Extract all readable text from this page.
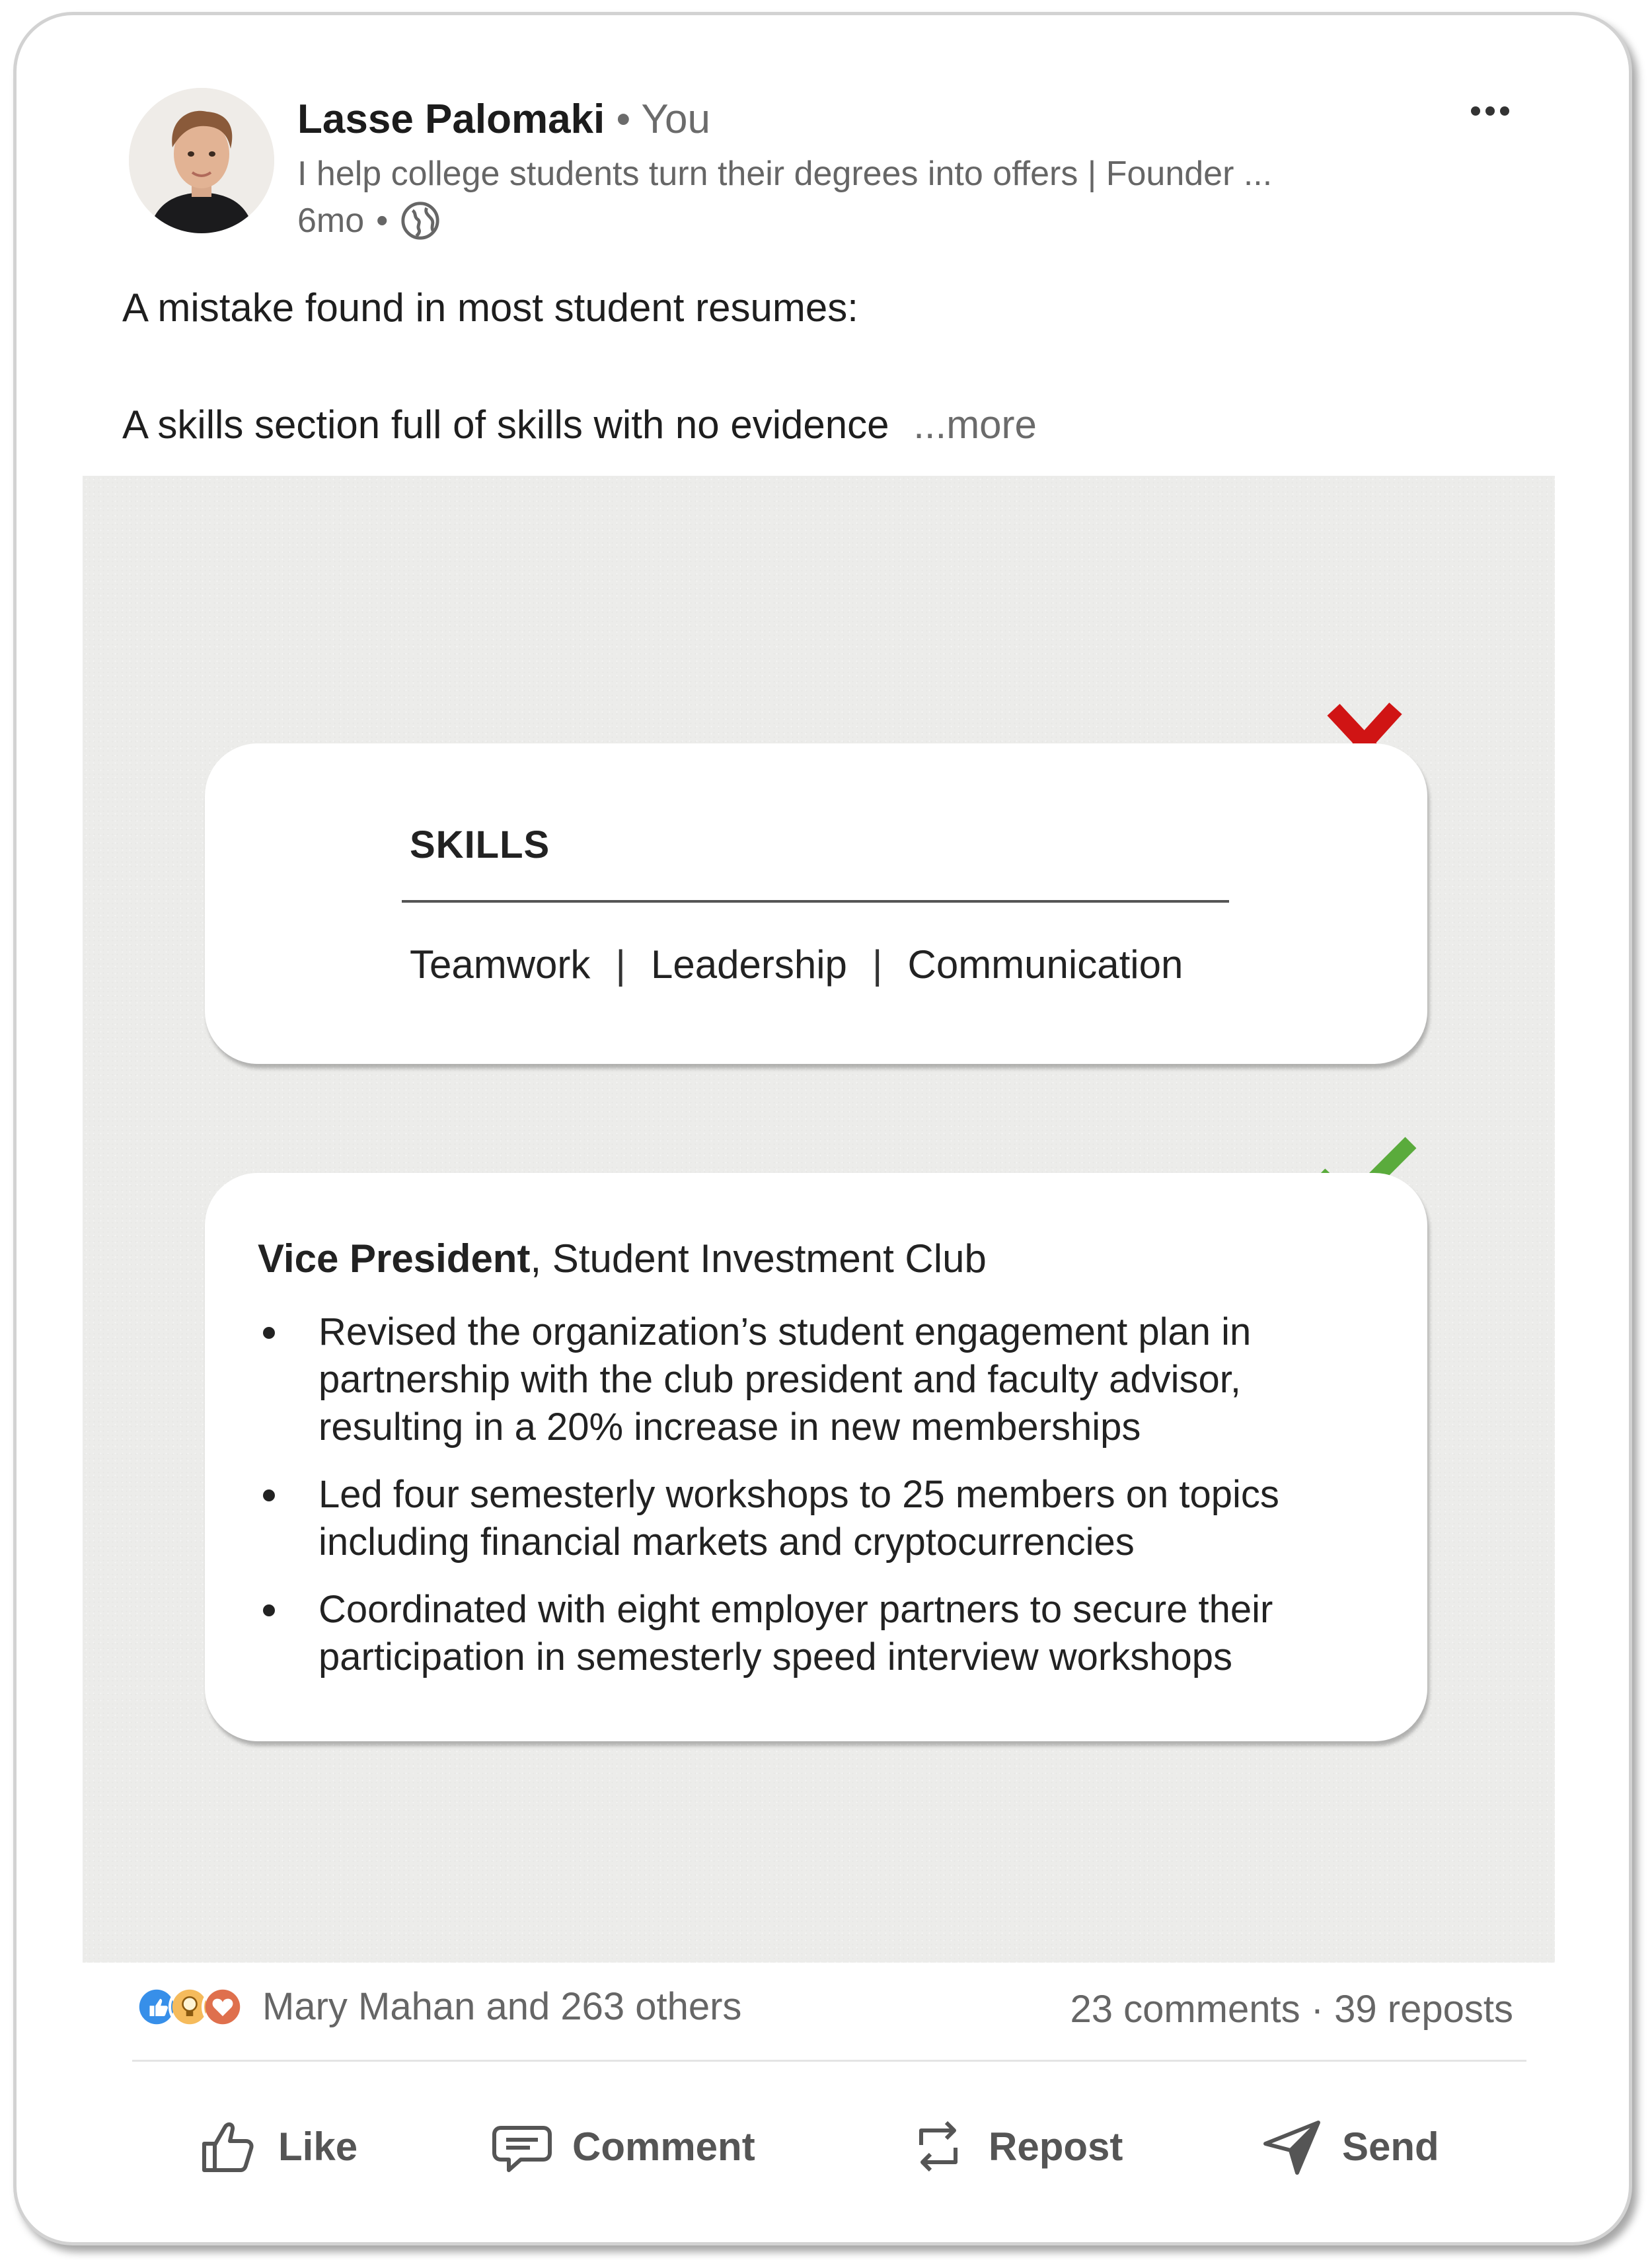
Lasse Palomaki • You
I help college students turn their degrees into offers | Founder ...
6mo •
A mistake found in most student resumes:
A skills section full of skills with no evidence ...more
SKILLS
Teamwork | Leadership | Communication
Vice President, Student Investment Club
Revised the organization’s student engagement plan in partnership with the club president and faculty advisor, resulting in a 20% increase in new memberships
Led four semesterly workshops to 25 members on topics including financial markets and cryptocurrencies
Coordinated with eight employer partners to secure their participation in semesterly speed interview workshops
Mary Mahan and 263 others	23 comments · 39 reposts
Like	Comment	Repost	Send
